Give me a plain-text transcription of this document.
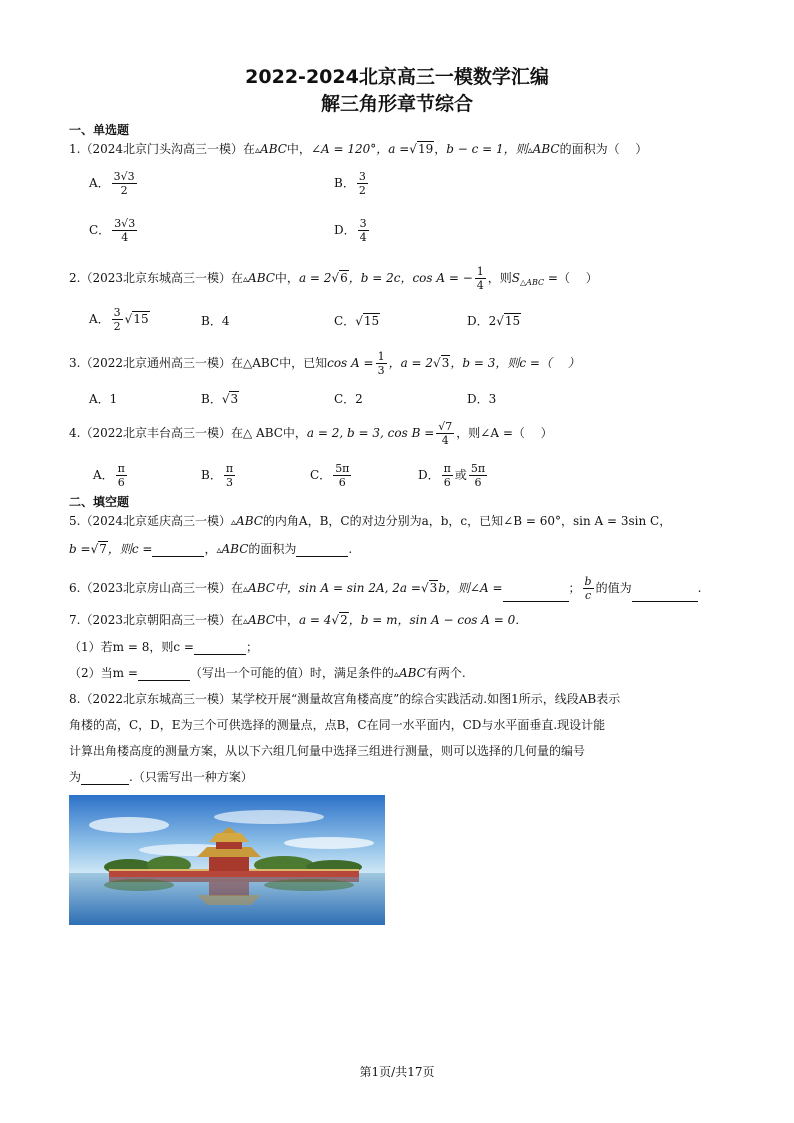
2022-2024北京高三一模数学汇编
解三角形章节综合
一、单选题
1.（2024北京门头沟高三一模）在▵ABC中，∠A = 120°，a =√19，b − c = 1，则▵ABC的面积为（　 ）
A． $\frac{3√3}{2}$	B． $\frac{3}{2}$
C． $\frac{3√3}{4}$	D． $\frac{3}{4}$
2.（2023北京东城高三一模）在▵ABC中，a = 2√6，b = 2c，cos A = − $\frac{1}{4}$ ，则$S_{\triangle ABC}$ =（　 ）
A． $\frac{3}{2} √15$	B．4	C．√15	D．2√15
3.（2022北京通州高三一模）在△ABC中，已知$\cos A = \frac{1}{3}$ ，a = 2√3，b = 3，则c =（　 ）
A．1	B．√3	C．2	D．3
4.（2022北京丰台高三一模）在△ ABC中，a = 2, b = 3, $\cos B = \frac{√7}{4}$ ，则∠A =（　 ）
A． $\frac{\pi}{6}$	B． $\frac{\pi}{3}$	C． $\frac{5\pi}{6}$	D． $\frac{\pi}{6}$ 或 $\frac{5\pi}{6}$
二、填空题
5.（2024北京延庆高三一模）▵ABC的内角A，B，C的对边分别为a，b，c，已知∠B = 60°，sin A = 3sin C，
b =√7，则c =	，▵ABC的面积为	.
6.（2023北京房山高三一模）在▵ABC中，sin A = sin 2A, 2a =√3b，则∠A =	； $\frac{b}{c}$ 的值为	.
7.（2023北京朝阳高三一模）在▵ABC中，a = 4√2，b = m，sin A − cos A = 0．
（1）若m = 8，则c =	；
（2）当m =	（写出一个可能的值）时，满足条件的▵ABC有两个.
8.（2022北京东城高三一模）某学校开展“测量故宫角楼高度”的综合实践活动.如图1所示，线段AB表示
角楼的高，C，D，E为三个可供选择的测量点，点B，C在同一水平面内，CD与水平面垂直.现设计能
计算出角楼高度的测量方案，从以下六组几何量中选择三组进行测量，则可以选择的几何量的编号
为	.（只需写出一种方案）
第1页/共17页
